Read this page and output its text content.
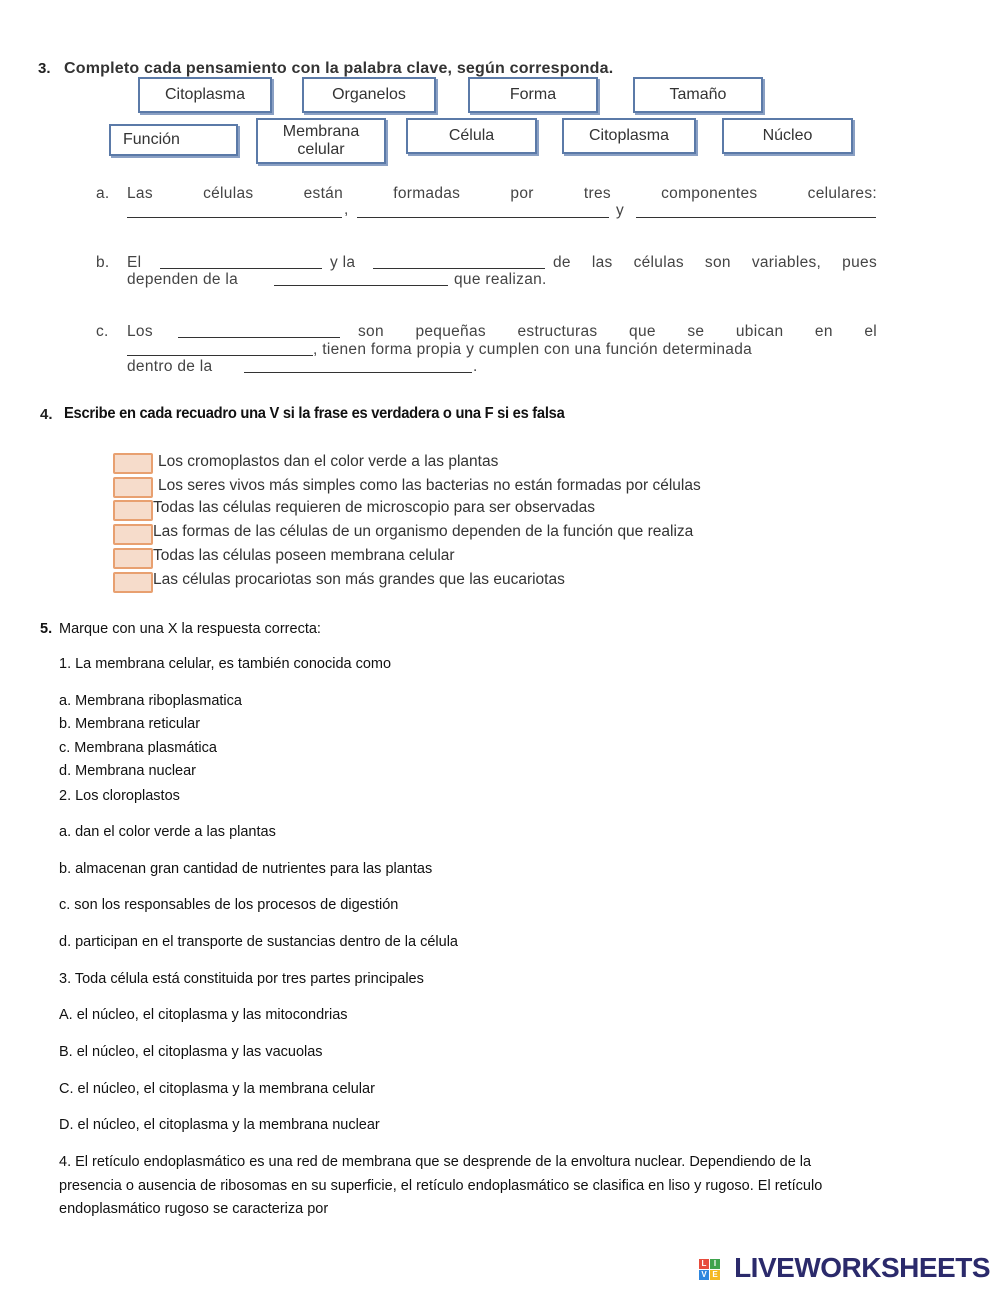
3. Completo cada pensamiento con la palabra clave, según corresponda.
Citoplasma	Organelos	Forma	Tamaño
Función	Membrana celular
Célula	Citoplasma	Núcleo
a. Las células están formadas por tres componentes celulares:
,	y
b. El	y la	de las células son variables, pues
dependen de la	que realizan.
c. Los	son pequeñas estructuras que se ubican en el
, tienen forma propia y cumplen con una función determinada
dentro de la	.
4. Escribe en cada recuadro una V si la frase es verdadera o una F si es falsa
Los cromoplastos dan el color verde a las plantas
Los seres vivos más simples como las bacterias no están formadas por células
Todas las células requieren de microscopio para ser observadas
Las formas de las células de un organismo dependen de la función que realiza
Todas las células poseen membrana celular
Las células procariotas son más grandes que las eucariotas
5. Marque con una X la respuesta correcta:
1. La membrana celular, es también conocida como
a. Membrana riboplasmatica
b. Membrana reticular
c. Membrana plasmática
d. Membrana nuclear
2. Los cloroplastos
a. dan el color verde a las plantas
b. almacenan gran cantidad de nutrientes para las plantas
c. son los responsables de los procesos de digestión
d. participan en el transporte de sustancias dentro de la célula
3. Toda célula está constituida por tres partes principales
A. el núcleo, el citoplasma y las mitocondrias
B. el núcleo, el citoplasma y las vacuolas
C. el núcleo, el citoplasma y la membrana celular
D. el núcleo, el citoplasma y la membrana nuclear
4. El retículo endoplasmático es una red de membrana que se desprende de la envoltura nuclear. Dependiendo de la
presencia o ausencia de ribosomas en su superficie, el retículo endoplasmático se clasifica en liso y rugoso. El retículo
endoplasmático rugoso se caracteriza por
L I
V E LIVEWORKSHEETS
